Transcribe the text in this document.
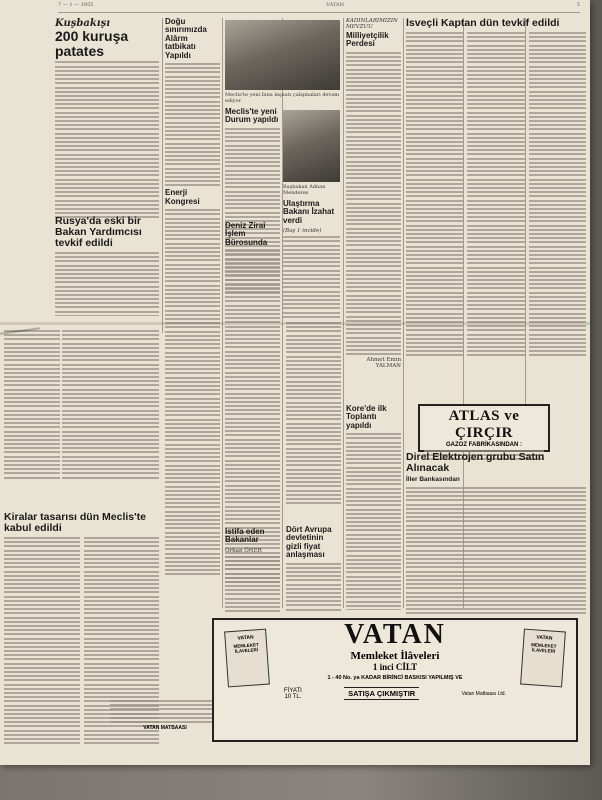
7 — 1 — 1955	VATAN	5
Kuşbakışı
200 kuruşa patates
Rusya'da eski bir Bakan Yardımcısı tevkif edildi
Kiralar tasarısı dün Meclis'te kabul edildi
Doğu sınırımızda Alârm tatbikatı Yapıldı
Enerji Kongresi
Meclis'te yeni bina inşaatı çalışmaları devam ediyor
Meclis'te yeni Durum yapıldı
Başbakan Adnan Menderes
Ulaştırma Bakanı İzahat verdi
(Baş 1 incide)
Deniz Ziraî İşlem Bürosunda
KADINLARIMIZIN MEVZUU
Milliyetçilik Perdesi
Ahmet Emin YALMAN
Kore'de ilk Toplantı yapıldı
Dört Avrupa devletinin gizli fiyat anlaşması
İstifa eden Bakanlar
Orhan ÖNER
İsveçli Kaptan dün tevkif edildi
ATLAS ve ÇIRÇIR
GAZOZ FABRİKASINDAN :
Direl Elektrojen grubu Satın Alınacak
İller Bankasından
VATAN MATBAASI
VATAN
MEMLEKET İLAVELERİ
VATAN
MEMLEKET İLAVELERİ
VATAN
Memleket İlâveleri
1 inci CİLT
1 - 40 No. ya KADAR BİRİNCİ BASKISI YAPILMIŞ VE
FİYATI
10 TL.	SATIŞA ÇIKMIŞTIR	Vatan Matbaası Ltd.
